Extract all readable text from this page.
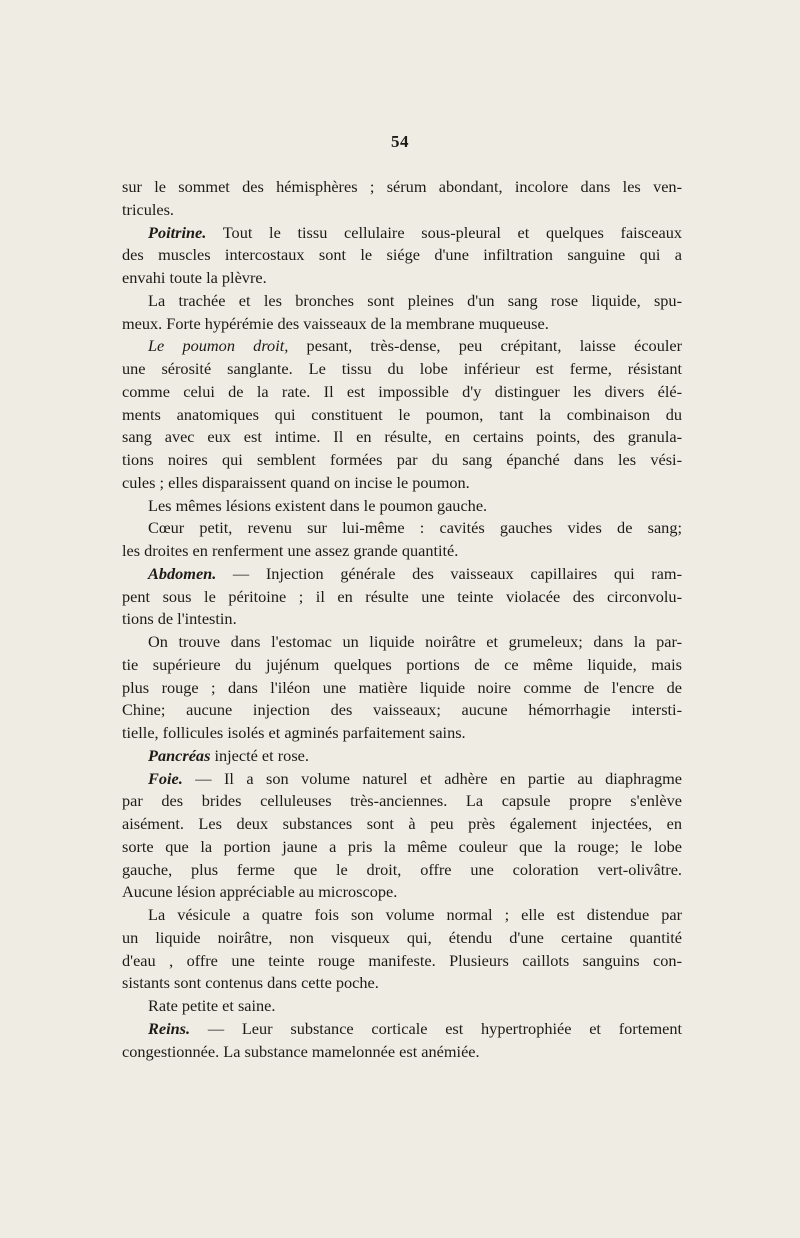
54
sur le sommet des hémisphères ; sérum abondant, incolore dans les ven-
tricules.
Poitrine. Tout le tissu cellulaire sous-pleural et quelques faisceaux
des muscles intercostaux sont le siége d'une infiltration sanguine qui a
envahi toute la plèvre.
La trachée et les bronches sont pleines d'un sang rose liquide, spu-
meux. Forte hypérémie des vaisseaux de la membrane muqueuse.
Le poumon droit, pesant, très-dense, peu crépitant, laisse écouler
une sérosité sanglante. Le tissu du lobe inférieur est ferme, résistant
comme celui de la rate. Il est impossible d'y distinguer les divers élé-
ments anatomiques qui constituent le poumon, tant la combinaison du
sang avec eux est intime. Il en résulte, en certains points, des granula-
tions noires qui semblent formées par du sang épanché dans les vési-
cules ; elles disparaissent quand on incise le poumon.
Les mêmes lésions existent dans le poumon gauche.
Cœur petit, revenu sur lui-même : cavités gauches vides de sang;
les droites en renferment une assez grande quantité.
Abdomen. — Injection générale des vaisseaux capillaires qui ram-
pent sous le péritoine ; il en résulte une teinte violacée des circonvolu-
tions de l'intestin.
On trouve dans l'estomac un liquide noirâtre et grumeleux; dans la par-
tie supérieure du jujénum quelques portions de ce même liquide, mais
plus rouge ; dans l'iléon une matière liquide noire comme de l'encre de
Chine; aucune injection des vaisseaux; aucune hémorrhagie intersti-
tielle, follicules isolés et agminés parfaitement sains.
Pancréas injecté et rose.
Foie. — Il a son volume naturel et adhère en partie au diaphragme
par des brides celluleuses très-anciennes. La capsule propre s'enlève
aisément. Les deux substances sont à peu près également injectées, en
sorte que la portion jaune a pris la même couleur que la rouge; le lobe
gauche, plus ferme que le droit, offre une coloration vert-olivâtre.
Aucune lésion appréciable au microscope.
La vésicule a quatre fois son volume normal ; elle est distendue par
un liquide noirâtre, non visqueux qui, étendu d'une certaine quantité
d'eau , offre une teinte rouge manifeste. Plusieurs caillots sanguins con-
sistants sont contenus dans cette poche.
Rate petite et saine.
Reins. — Leur substance corticale est hypertrophiée et fortement
congestionnée. La substance mamelonnée est anémiée.
